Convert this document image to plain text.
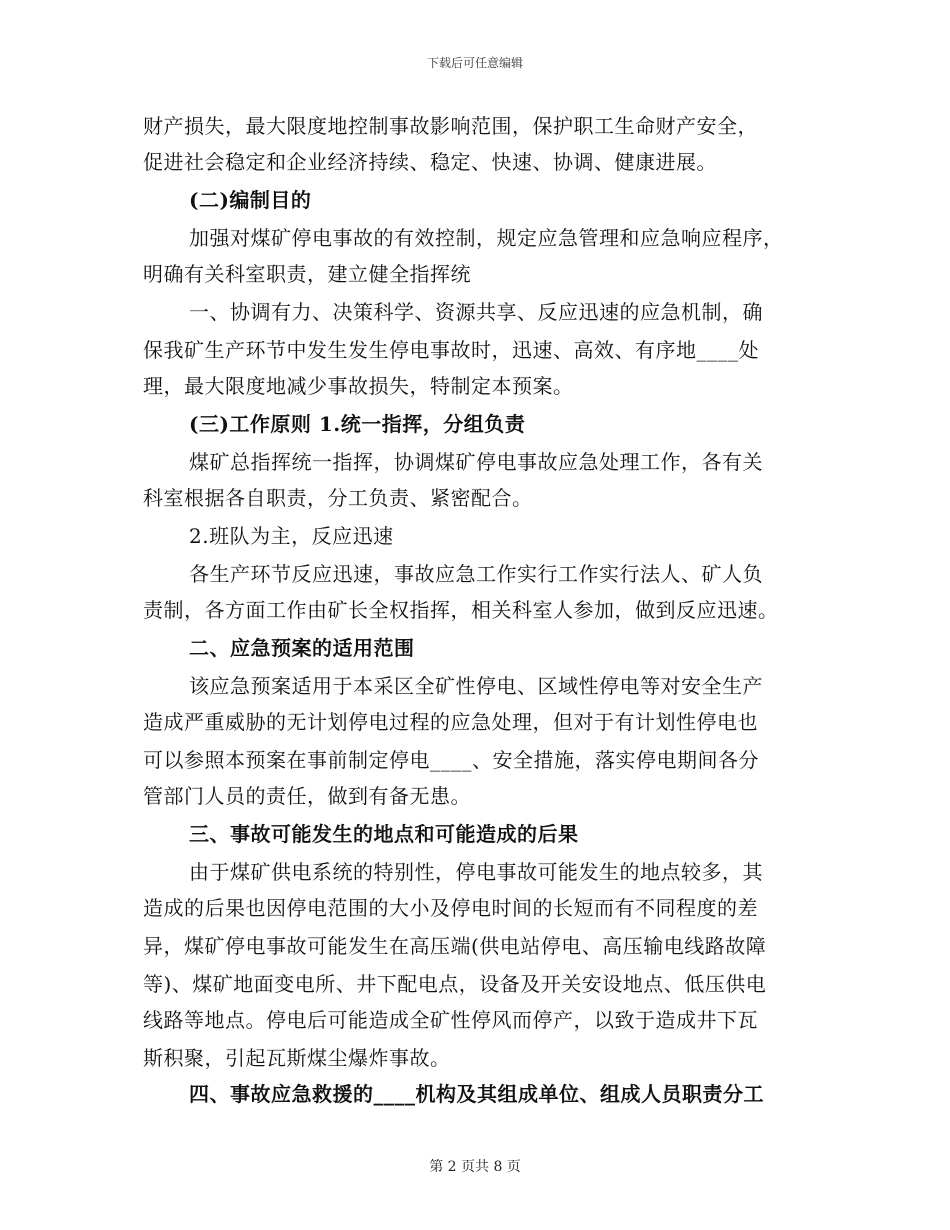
下载后可任意编辑
财产损失，最大限度地控制事故影响范围，保护职工生命财产安全，
促进社会稳定和企业经济持续、稳定、快速、协调、健康进展。
(二)编制目的
加强对煤矿停电事故的有效控制，规定应急管理和应急响应程序，
明确有关科室职责，建立健全指挥统
一、协调有力、决策科学、资源共享、反应迅速的应急机制，确
保我矿生产环节中发生发生停电事故时，迅速、高效、有序地____处
理，最大限度地减少事故损失，特制定本预案。
(三)工作原则 1.统一指挥，分组负责
煤矿总指挥统一指挥，协调煤矿停电事故应急处理工作，各有关
科室根据各自职责，分工负责、紧密配合。
2.班队为主，反应迅速
各生产环节反应迅速，事故应急工作实行工作实行法人、矿人负
责制，各方面工作由矿长全权指挥，相关科室人参加，做到反应迅速。
二、应急预案的适用范围
该应急预案适用于本采区全矿性停电、区域性停电等对安全生产
造成严重威胁的无计划停电过程的应急处理，但对于有计划性停电也
可以参照本预案在事前制定停电____、安全措施，落实停电期间各分
管部门人员的责任，做到有备无患。
三、事故可能发生的地点和可能造成的后果
由于煤矿供电系统的特别性，停电事故可能发生的地点较多，其
造成的后果也因停电范围的大小及停电时间的长短而有不同程度的差
异，煤矿停电事故可能发生在高压端(供电站停电、高压输电线路故障
等)、煤矿地面变电所、井下配电点，设备及开关安设地点、低压供电
线路等地点。停电后可能造成全矿性停风而停产，以致于造成井下瓦
斯积聚，引起瓦斯煤尘爆炸事故。
四、事故应急救援的____机构及其组成单位、组成人员职责分工
第 2 页共 8 页
